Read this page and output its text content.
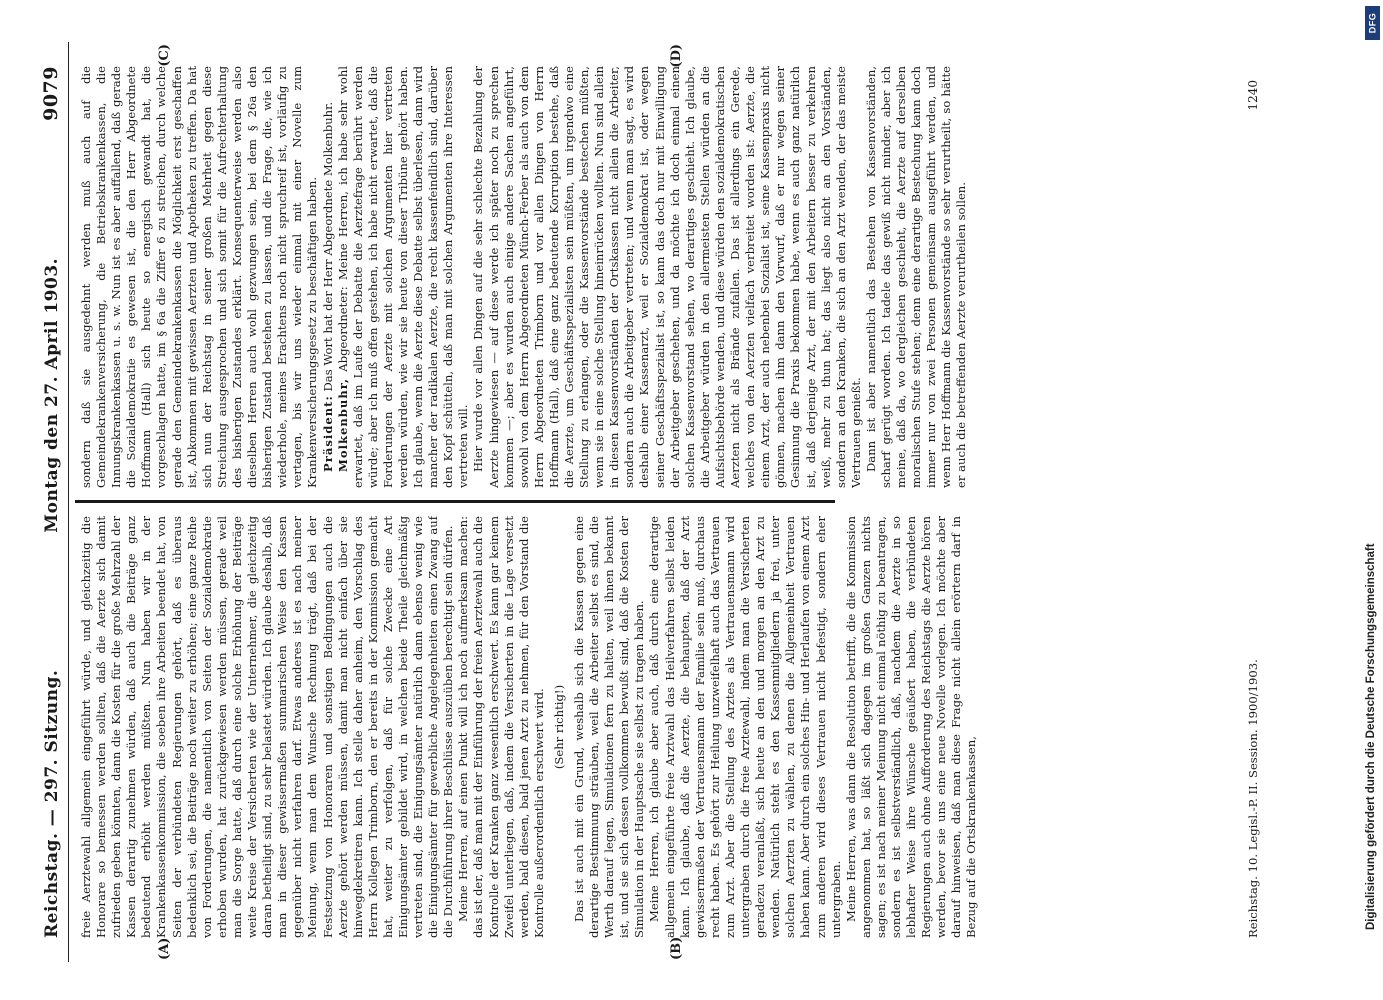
Reichstag. — 297. Sitzung.
Montag den 27. April 1903.
9079
(A)	(B)
(C)	(D)

freie Aerztewahl allgemein eingeführt würde, und gleichzeitig die Honorare so bemessen werden sollten, daß die Aerzte sich damit zufrieden geben könnten, dann die Kosten für die große Mehrzahl der Kassen derartig zunehmen würden, daß auch die Beiträge ganz bedeutend erhöht werden müßten. Nun haben wir in der Krankenkassenkommission, die soeben ihre Arbeiten beendet hat, von Seiten der verbündeten Regierungen gehört, daß es überaus bedenklich sei, die Beiträge noch weiter zu erhöhen; eine ganze Reihe von Forderungen, die namentlich von Seiten der Sozialdemokratie erhoben wurden, hat zurückgewiesen werden müssen, gerade weil man die Sorge hatte, daß durch eine solche Erhöhung der Beiträge weite Kreise der Versicherten wie der Unternehmer, die gleichzeitig daran betheiligt sind, zu sehr belastet würden. Ich glaube deshalb, daß man in dieser gewissermaßen summarischen Weise den Kassen gegenüber nicht verfahren darf. Etwas anderes ist es nach meiner Meinung, wenn man dem Wunsche Rechnung trägt, daß bei der Festsetzung von Honoraren und sonstigen Bedingungen auch die Aerzte gehört werden müssen, damit man nicht einfach über sie hinwegdekretiren kann. Ich stelle daher anheim, den Vorschlag des Herrn Kollegen Trimborn, den er bereits in der Kommission gemacht hat, weiter zu verfolgen, daß für solche Zwecke eine Art Einigungsämter gebildet wird, in welchen beide Theile gleichmäßig vertreten sind, die Einigungsämter natürlich dann ebenso wenig wie die Einigungsämter für gewerbliche Angelegenheiten einen Zwang auf die Durchführung ihrer Beschlüsse auszuüben berechtigt sein dürfen. Meine Herren, auf einen Punkt will ich noch aufmerksam machen: das ist der, daß man mit der Einführung der freien Aerztewahl auch die Kontrolle der Kranken ganz wesentlich erschwert. Es kann gar keinem Zweifel unterliegen, daß, indem die Versicherten in die Lage versetzt werden, bald diesen, bald jenen Arzt zu nehmen, für den Vorstand die Kontrolle außerordentlich erschwert wird. (Sehr richtig!) Das ist auch mit ein Grund, weshalb sich die Kassen gegen eine derartige Bestimmung sträuben, weil die Arbeiter selbst es sind, die Werth darauf legen, Simulationen fern zu halten, weil ihnen bekannt ist, und sie sich dessen vollkommen bewußt sind, daß die Kosten der Simulation in der Hauptsache sie selbst zu tragen haben. Meine Herren, ich glaube aber auch, daß durch eine derartige allgemein eingeführte freie Arztwahl das Heilverfahren selbst leiden kann. Ich glaube, daß die Aerzte, die behaupten, daß der Arzt gewissermaßen der Vertrauensmann der Familie sein muß, durchaus recht haben. Es gehört zur Heilung unzweifelhaft auch das Vertrauen zum Arzt. Aber die Stellung des Arztes als Vertrauensmann wird untergraben durch die freie Arztewahl, indem man die Versicherten geradezu veranlaßt, sich heute an den und morgen an den Arzt zu wenden. Natürlich steht es den Kassenmitgliedern ja frei, unter solchen Aerzten zu wählen, zu denen die Allgemeinheit Vertrauen haben kann. Aber durch ein solches Hin- und Herlaufen von einem Arzt zum anderen wird dieses Vertrauen nicht befestigt, sondern eher untergraben. Meine Herren, was dann die Resolution betrifft, die die Kommission angenommen hat, so läßt sich dagegen im großen Ganzen nichts sagen; es ist nach meiner Meinung nicht einmal nöthig zu beantragen, sondern es ist selbstverständlich, daß, nachdem die Aerzte in so lebhafter Weise ihre Wünsche geäußert haben, die verbündeten Regierungen auch ohne Aufforderung des Reichstags die Aerzte hören werden, bevor sie uns eine neue Novelle vorlegen. Ich möchte aber darauf hinweisen, daß man diese Frage nicht allein erörtern darf in Bezug auf die Ortskrankenkassen,

sondern daß sie ausgedehnt werden muß auch auf die Gemeindekrankenversicherung, die Betriebskrankenkassen, die Innungskrankenkassen u. s. w. Nun ist es aber auffallend, daß gerade die Sozialdemokratie es gewesen ist, die den Herr Abgeordnete Hoffmann (Hall) sich heute so energisch gewandt hat, die vorgeschlagen hatte, im § 6a die Ziffer 6 zu streichen, durch welche gerade den Gemeindekrankenkassen die Möglichkeit erst geschaffen ist, Abkommen mit gewissen Aerzten und Apotheken zu treffen. Da hat sich nun der Reichstag in seiner großen Mehrheit gegen diese Streichung ausgesprochen und sich somit für die Aufrechterhaltung des bisherigen Zustandes erklärt. Konsequenterweise werden also dieselben Herren auch wohl gezwungen sein, bei dem § 26a den bisherigen Zustand bestehen zu lassen, und die Frage, die, wie ich wiederhole, meines Erachtens noch nicht spruchreif ist, vorläufig zu vertagen, bis wir uns wieder einmal mit einer Novelle zum Krankenversicherungsgesetz zu beschäftigen haben. Präsident: Das Wort hat der Herr Abgeordnete Molkenbuhr.

Molkenbuhr, Abgeordneter: Meine Herren, ich habe sehr wohl erwartet, daß im Laufe der Debatte die Aerztefrage berührt werden würde; aber ich muß offen gestehen, ich habe nicht erwartet, daß die Forderungen der Aerzte mit solchen Argumenten hier vertreten werden würden, wie wir sie heute von dieser Tribüne gehört haben. Ich glaube, wenn die Aerzte diese Debatte selbst überlesen, dann wird mancher der radikalen Aerzte, die recht kassenfeindlich sind, darüber den Kopf schütteln, daß man mit solchen Argumenten ihre Interessen vertreten will. Hier wurde vor allen Dingen auf die sehr schlechte Bezahlung der Aerzte hingewiesen — auf diese werde ich später noch zu sprechen kommen —; aber es wurden auch einige andere Sachen angeführt, sowohl von dem Herrn Abgeordneten Münch-Ferber als auch von dem Herrn Abgeordneten Trimborn und vor allen Dingen von Herrn Hoffmann (Hall), daß eine ganz bedeutende Korruption bestehe, daß die Aerzte, um Geschäftsspezialisten sein müßten, um irgendwo eine Stellung zu erlangen, oder die Kassenvorstände bestechen müßten, wenn sie in eine solche Stellung hineinrücken wollten. Nun sind allein in diesen Kassenvorständen der Ortskassen nicht allein die Arbeiter, sondern auch die Arbeitgeber vertreten; und wenn man sagt, es wird deshalb einer Kassenarzt, weil er Sozialdemokrat ist, oder wegen seiner Geschäftsspezialist ist, so kann das doch nur mit Einwilligung der Arbeitgeber geschehen, und da möchte ich doch einmal einen solchen Kassenvorstand sehen, wo derartiges geschieht. Ich glaube, die Arbeitgeber würden in den allermeisten Stellen würden an die Aufsichtsbehörde wenden, und diese würden den sozialdemokratischen Aerzten nicht als Brände zufallen. Das ist allerdings ein Gerede, welches von den Aerzten vielfach verbreitet worden ist: Aerzte, die einem Arzt, der auch nebenbei Sozialist ist, seine Kassenpraxis nicht gönnen, machen ihm dann den Vorwurf, daß er nur wegen seiner Gesinnung die Praxis bekommen habe, wenn es auch ganz natürlich ist, daß derjenige Arzt, der mit den Arbeitern besser zu verkehren weiß, mehr zu thun hat; das liegt also nicht an den Vorständen, sondern an den Kranken, die sich an den Arzt wenden, der das meiste Vertrauen genießt. Dann ist aber namentlich das Bestehen von Kassenvorständen, scharf gerügt worden. Ich tadele das gewiß nicht minder, aber ich meine, daß da, wo dergleichen geschieht, die Aerzte auf derselben moralischen Stufe stehen; denn eine derartige Bestechung kann doch immer nur von zwei Personen gemeinsam ausgeführt werden, und wenn Herr Hoffmann die Kassenvorstände so sehr verurtheilt, so hätte er auch die betreffenden Aerzte verurtheilen sollen.

Reichstag. 10. Legisl.-P. II. Session. 1900/1903.
1240
DFG
Digitalisierung gefördert durch die Deutsche Forschungsgemeinschaft
